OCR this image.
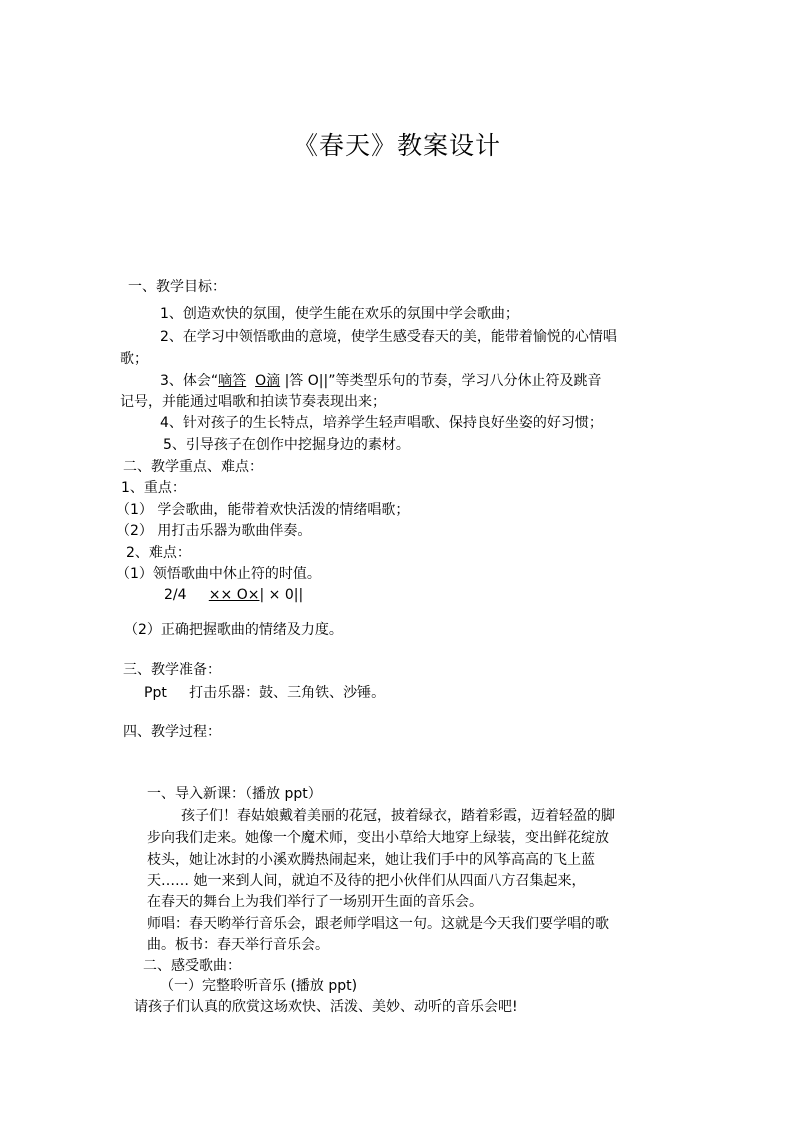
《春天》教案设计
一、教学目标：
1、创造欢快的氛围，使学生能在欢乐的氛围中学会歌曲；
2、在学习中领悟歌曲的意境，使学生感受春天的美，能带着愉悦的心情唱
歌；
3、体会“嘀答 O滴 |答 O||”等类型乐句的节奏，学习八分休止符及跳音
记号，并能通过唱歌和拍读节奏表现出来；
4、针对孩子的生长特点，培养学生轻声唱歌、保持良好坐姿的好习惯；
5、引导孩子在创作中挖掘身边的素材。
二、教学重点、难点：
1、重点：
（1） 学会歌曲，能带着欢快活泼的情绪唱歌；
（2） 用打击乐器为歌曲伴奏。
2、难点：
（1）领悟歌曲中休止符的时值。
2/4 ×× O×| × 0||
（2）正确把握歌曲的情绪及力度。
三、教学准备：
Ppt 打击乐器：鼓、三角铁、沙锤。
四、教学过程：
一、导入新课：（播放 ppt）
孩子们！春姑娘戴着美丽的花冠，披着绿衣，踏着彩霞，迈着轻盈的脚
步向我们走来。她像一个魔术师，变出小草给大地穿上绿装，变出鲜花绽放
枝头，她让冰封的小溪欢腾热闹起来，她让我们手中的风筝高高的飞上蓝
天…… 她一来到人间，就迫不及待的把小伙伴们从四面八方召集起来，
在春天的舞台上为我们举行了一场别开生面的音乐会。
师唱：春天哟举行音乐会，跟老师学唱这一句。这就是今天我们要学唱的歌
曲。板书：春天举行音乐会。
二、感受歌曲：
（一）完整聆听音乐 (播放 ppt)
请孩子们认真的欣赏这场欢快、活泼、美妙、动听的音乐会吧!
